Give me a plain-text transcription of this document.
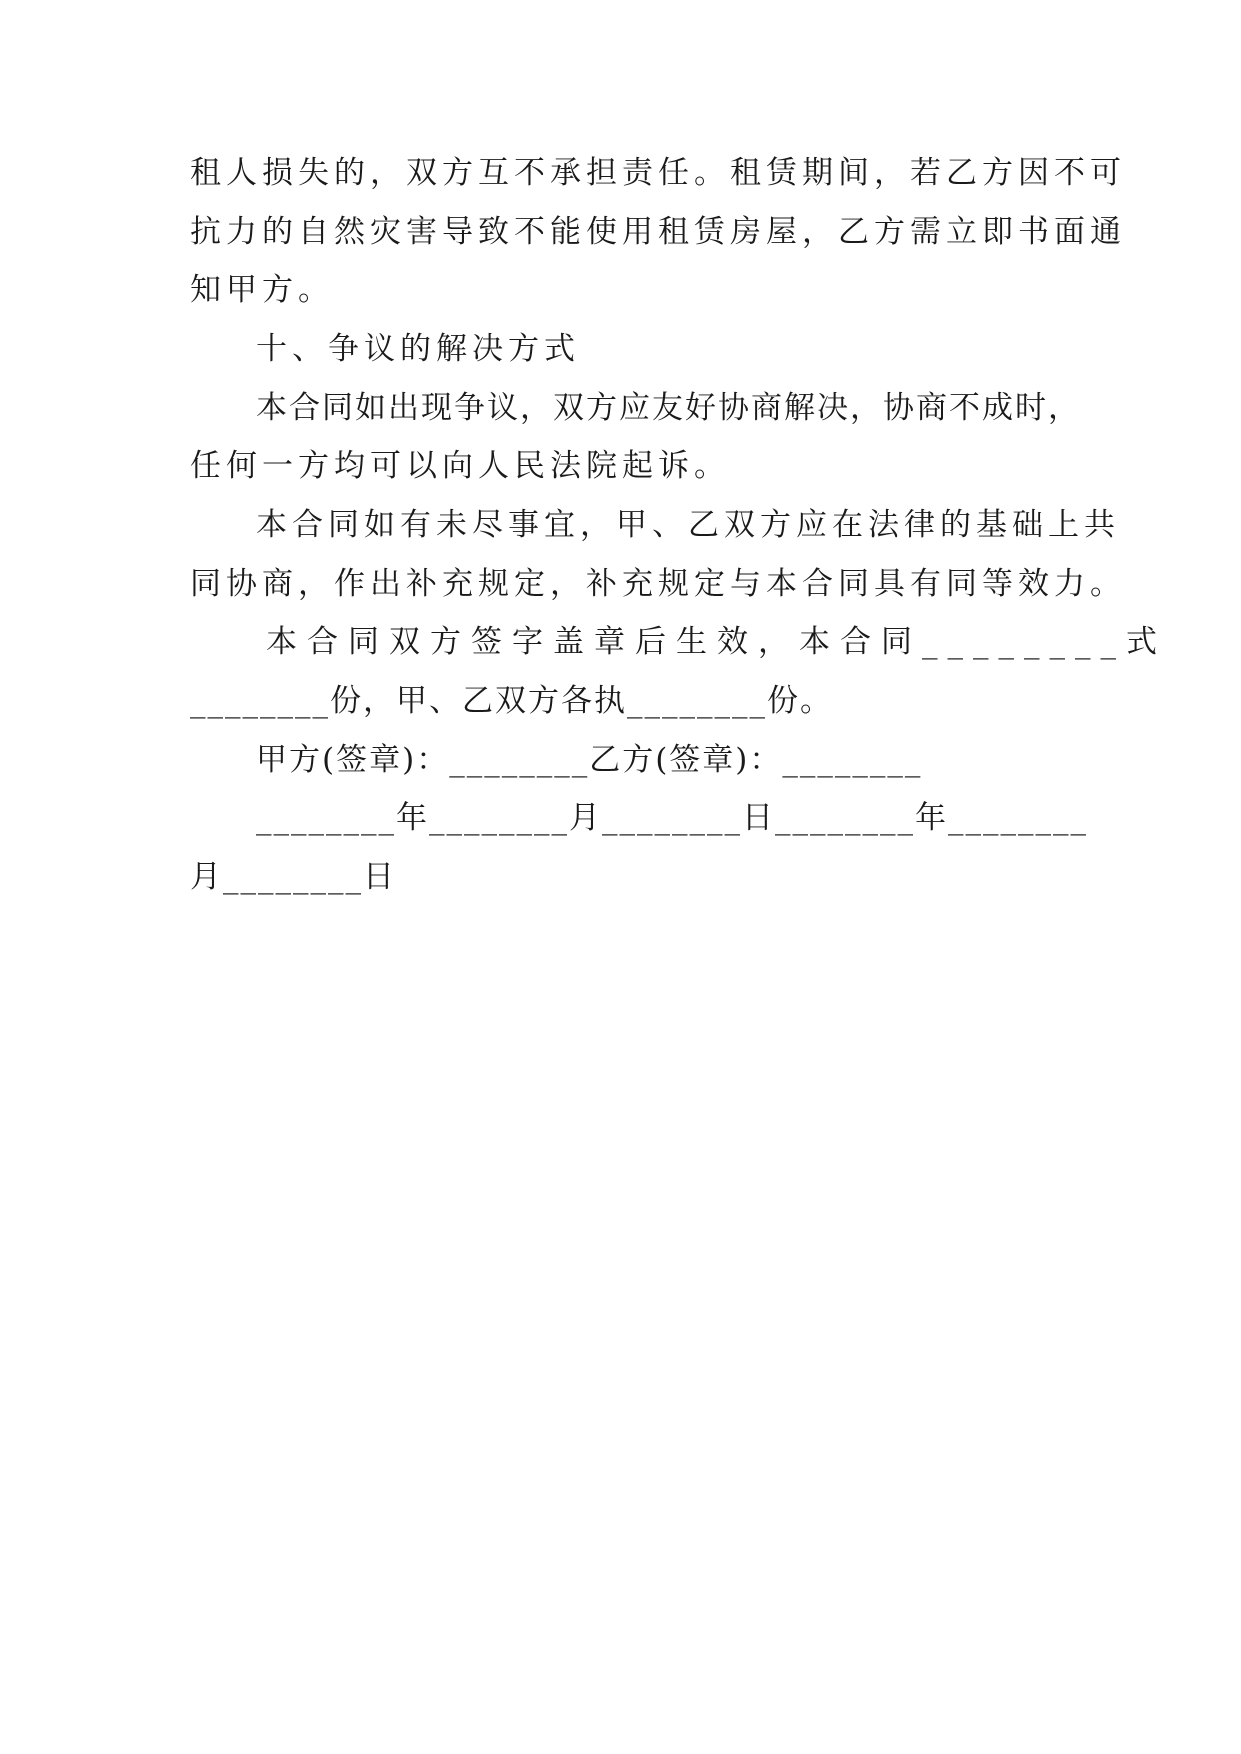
租人损失的，双方互不承担责任。租赁期间，若乙方因不可
抗力的自然灾害导致不能使用租赁房屋，乙方需立即书面通
知甲方。
十、争议的解决方式
本合同如出现争议，双方应友好协商解决，协商不成时，
任何一方均可以向人民法院起诉。
本合同如有未尽事宜，甲、乙双方应在法律的基础上共
同协商，作出补充规定，补充规定与本合同具有同等效力。
本合同双方签字盖章后生效，本合同________式
________份，甲、乙双方各执________份。
甲方(签章)：________乙方(签章)：________
________年________月________日________年________
月________日
